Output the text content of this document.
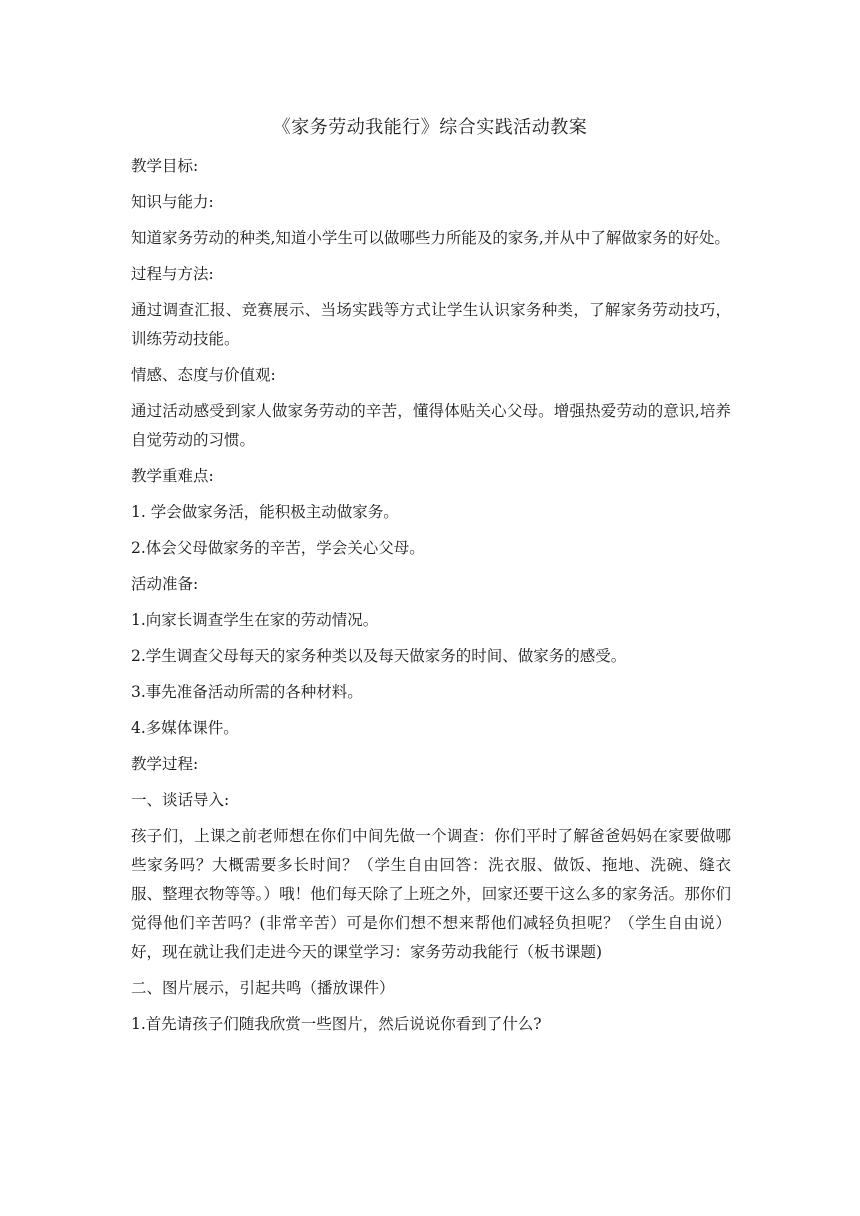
《家务劳动我能行》综合实践活动教案

教学目标:

知识与能力:

知道家务劳动的种类,知道小学生可以做哪些力所能及的家务,并从中了解做家务的好处。

过程与方法:

通过调查汇报、竞赛展示、当场实践等方式让学生认识家务种类，了解家务劳动技巧，训练劳动技能。

情感、态度与价值观:

通过活动感受到家人做家务劳动的辛苦，懂得体贴关心父母。增强热爱劳动的意识,培养自觉劳动的习惯。

教学重难点:

1. 学会做家务活，能积极主动做家务。

2.体会父母做家务的辛苦，学会关心父母。

活动准备:

1.向家长调查学生在家的劳动情况。

2.学生调查父母每天的家务种类以及每天做家务的时间、做家务的感受。

3.事先准备活动所需的各种材料。

4.多媒体课件。

教学过程:

一、谈话导入:

孩子们，上课之前老师想在你们中间先做一个调查：你们平时了解爸爸妈妈在家要做哪些家务吗？大概需要多长时间？（学生自由回答：洗衣服、做饭、拖地、洗碗、缝衣服、整理衣物等等。）哦！他们每天除了上班之外，回家还要干这么多的家务活。那你们觉得他们辛苦吗？(非常辛苦）可是你们想不想来帮他们减轻负担呢？（学生自由说）好，现在就让我们走进今天的课堂学习：家务劳动我能行（板书课题)

二、图片展示，引起共鸣（播放课件）

1.首先请孩子们随我欣赏一些图片，然后说说你看到了什么?
